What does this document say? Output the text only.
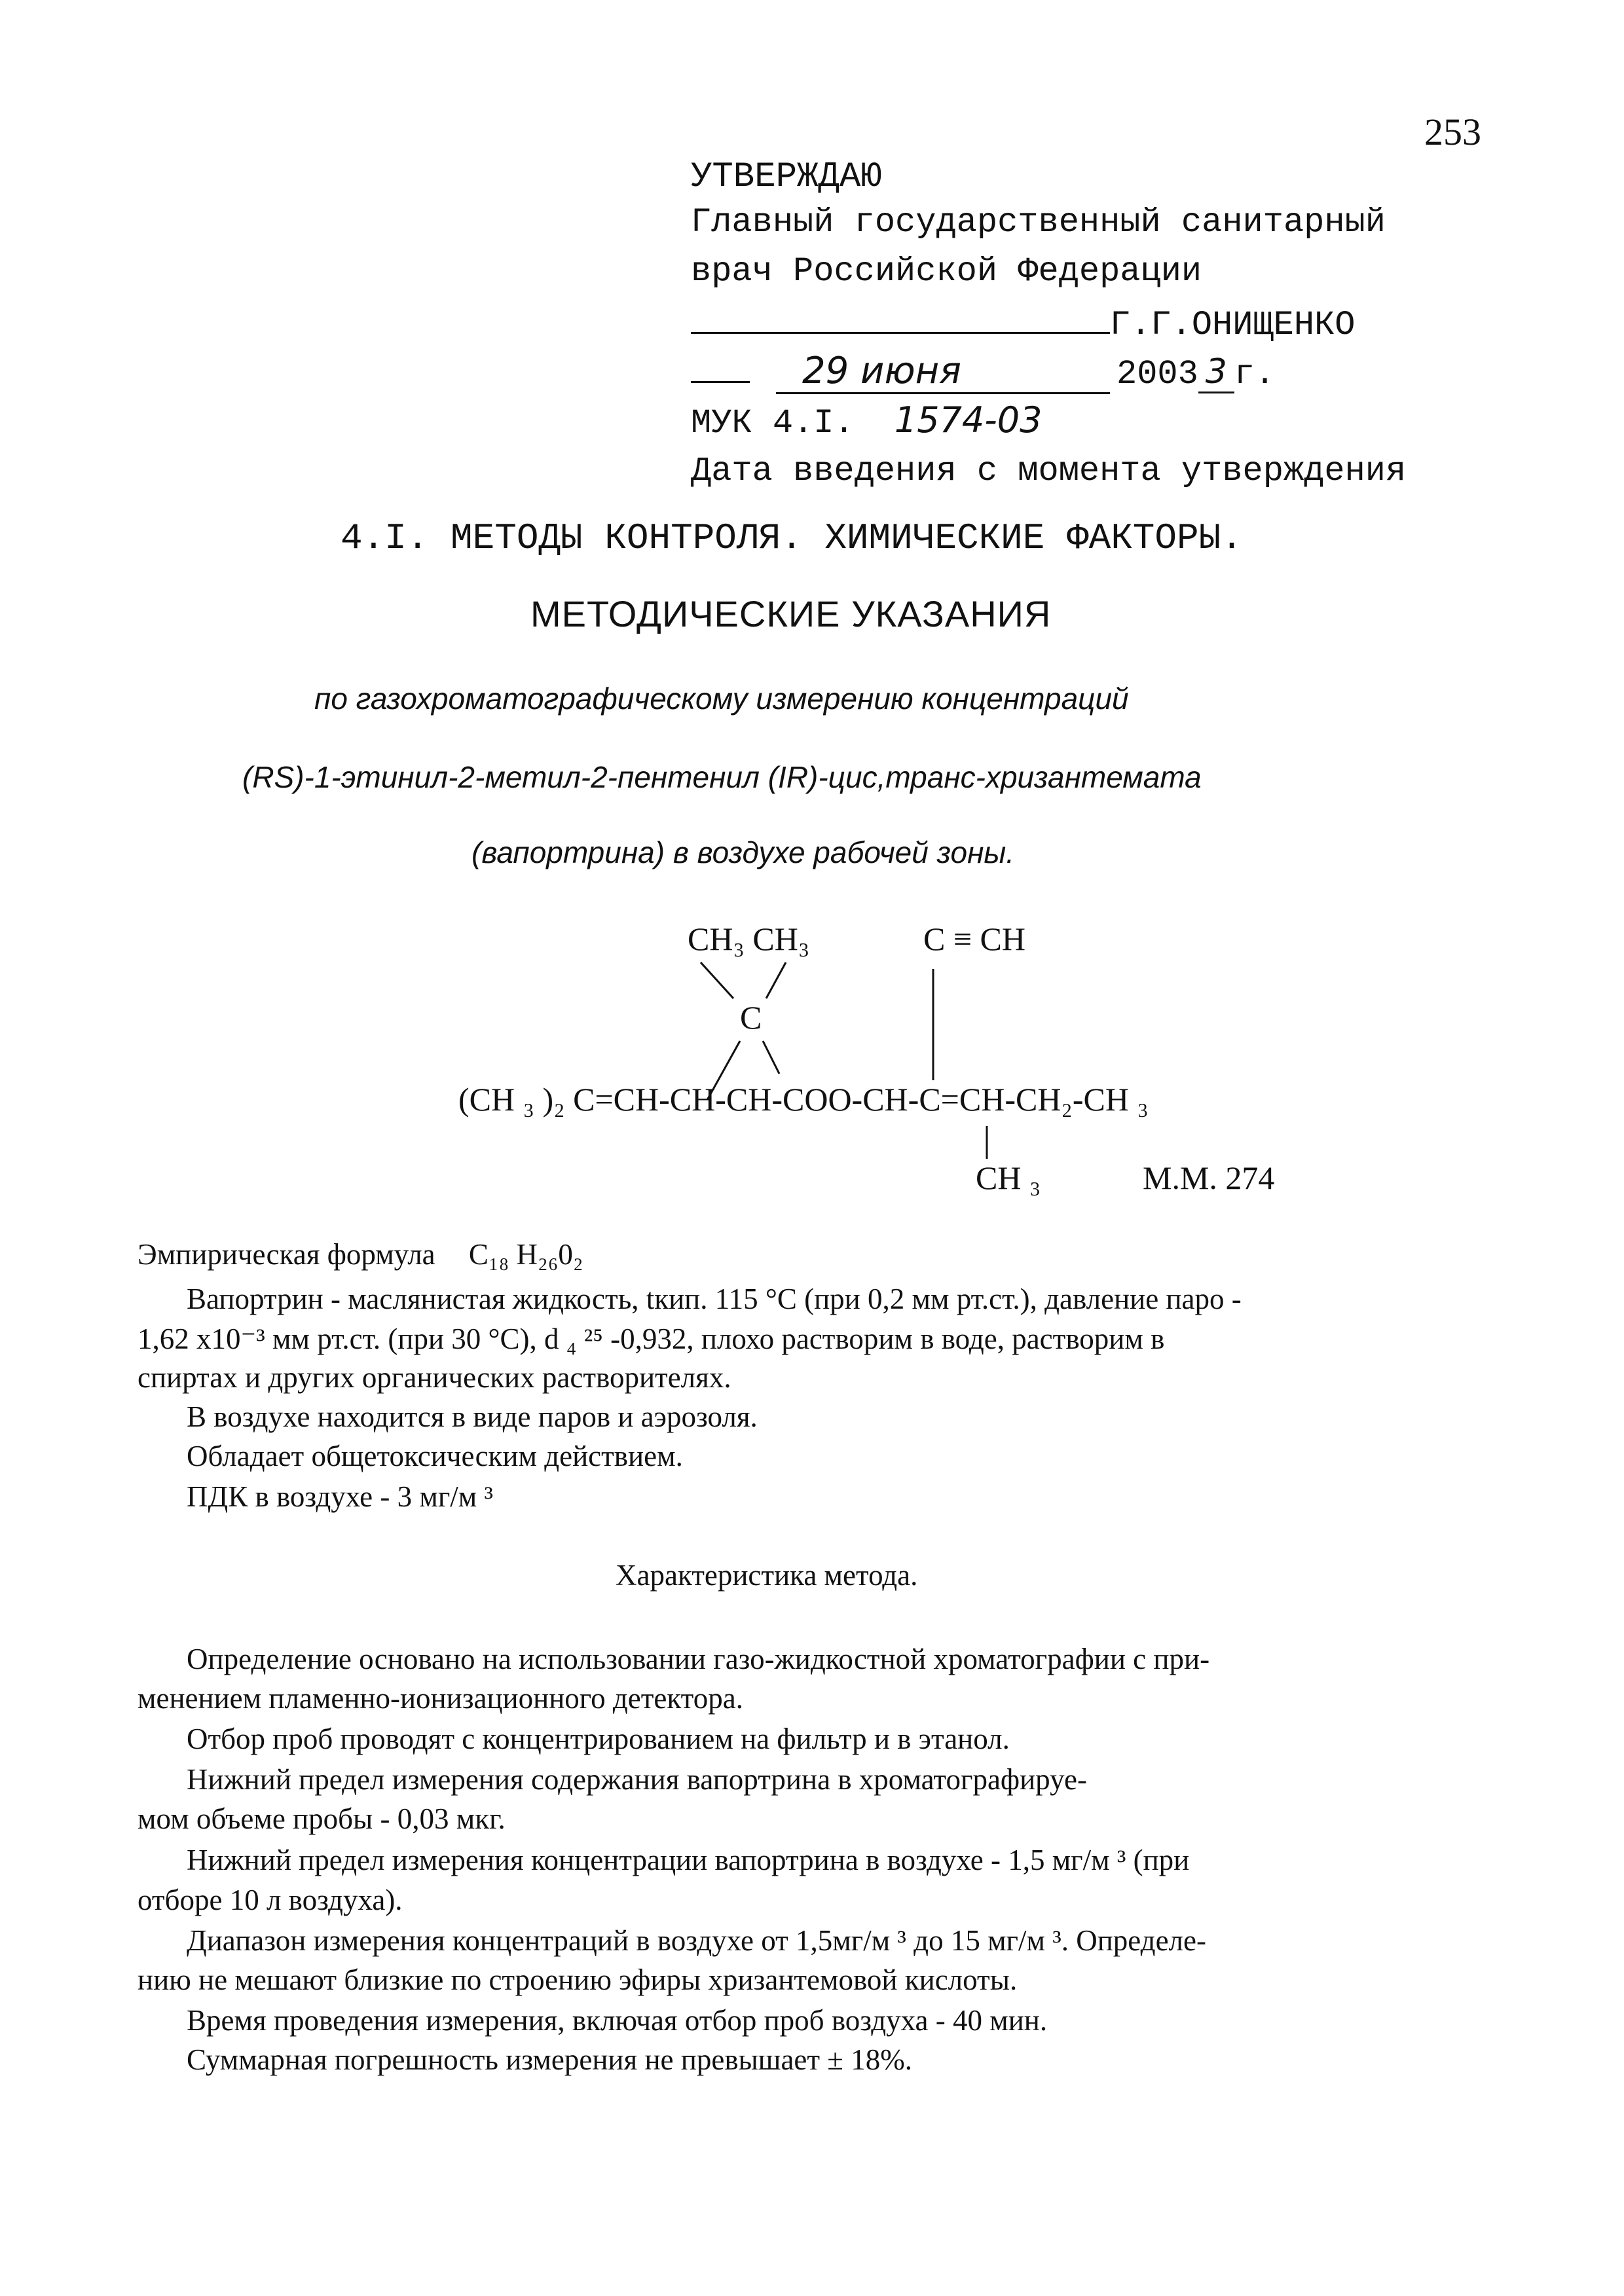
253
УТВЕРЖДАЮ
Главный государственный санитарный
врач Российской Федерации
Г.Г.ОНИЩЕНКО
29 июня	2003 3 г.
МУК 4.I. 1574-03
Дата введения с момента утверждения
4.I. МЕТОДЫ КОНТРОЛЯ. ХИМИЧЕСКИЕ ФАКТОРЫ.
МЕТОДИЧЕСКИЕ УКАЗАНИЯ
по газохроматографическому измерению концентраций
(RS)-1-этинил-2-метил-2-пентенил (IR)-цис,транс-хризантемата
(вапортрина) в воздухе рабочей зоны.
CH₃ CH₃	C ≡ CH
C
(CH ₃ )₂ C=CH-CH-CH-COO-CH-C=CH-CH₂-CH ₃
CH ₃	M.M. 274
Эмпирическая формула C₁₈ H₂₆0₂
Вапортрин - маслянистая жидкость, tкип. 115 °C (при 0,2 мм рт.ст.), давление паро -
1,62 х10⁻³ мм рт.ст. (при 30 °С), d ₄ ²⁵ -0,932, плохо растворим в воде, растворим в
спиртах и других органических растворителях.
В воздухе находится в виде паров и аэрозоля.
Обладает общетоксическим действием.
ПДК в воздухе - 3 мг/м ³
Характеристика метода.
Определение основано на использовании газо-жидкостной хроматографии с при-
менением пламенно-ионизационного детектора.
Отбор проб проводят с концентрированием на фильтр и в этанол.
Нижний предел измерения содержания вапортрина в хроматографируе-
мом объеме пробы - 0,03 мкг.
Нижний предел измерения концентрации вапортрина в воздухе - 1,5 мг/м ³ (при
отборе 10 л воздуха).
Диапазон измерения концентраций в воздухе от 1,5мг/м ³ до 15 мг/м ³. Определе-
нию не мешают близкие по строению эфиры хризантемовой кислоты.
Время проведения измерения, включая отбор проб воздуха - 40 мин.
Суммарная погрешность измерения не превышает ± 18%.
